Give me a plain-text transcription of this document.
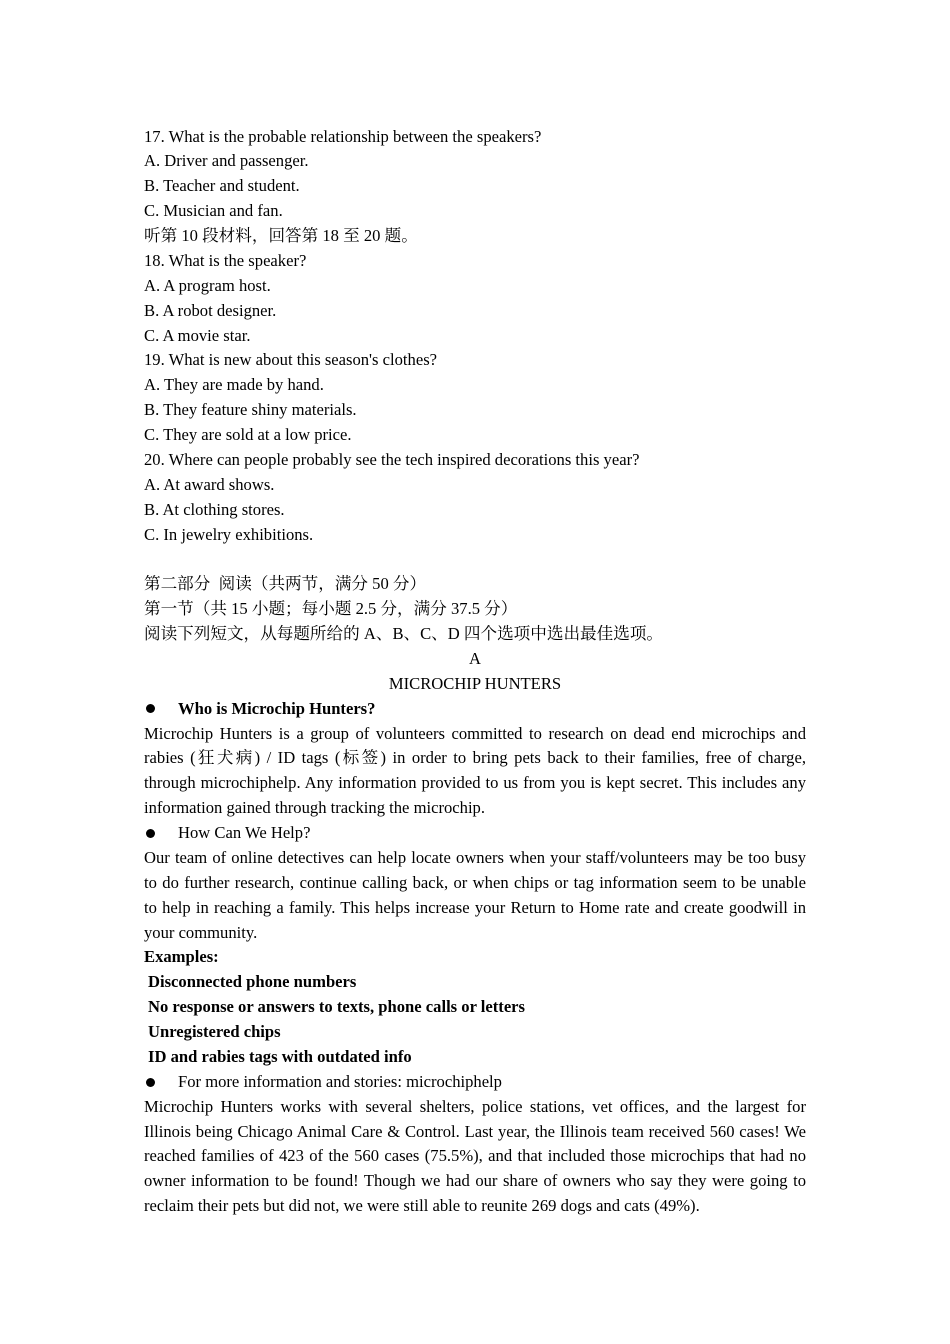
17. What is the probable relationship between the speakers?
A. Driver and passenger.
B. Teacher and student.
C. Musician and fan.
听第 10 段材料，回答第 18 至 20 题。
18. What is the speaker?
A. A program host.
B. A robot designer.
C. A movie star.
19. What is new about this season's clothes?
A. They are made by hand.
B. They feature shiny materials.
C. They are sold at a low price.
20. Where can people probably see the tech inspired decorations this year?
A. At award shows.
B. At clothing stores.
C. In jewelry exhibitions.
第二部分  阅读（共两节，满分 50 分）
第一节（共 15 小题；每小题 2.5 分，满分 37.5 分）
阅读下列短文，从每题所给的 A、B、C、D 四个选项中选出最佳选项。
A
MICROCHIP HUNTERS
Who is Microchip Hunters?
Microchip Hunters is a group of volunteers committed to research on dead end microchips and
rabies (狂犬病) / ID tags (标签) in order to bring pets back to their families, free of charge,
through microchiphelp. Any information provided to us from you is kept secret. This includes any
information gained through tracking the microchip.
How Can We Help?
Our team of online detectives can help locate owners when your staff/volunteers may be too busy
to do further research, continue calling back, or when chips or tag information seem to be unable
to help in reaching a family. This helps increase your Return to Home rate and create goodwill in
your community.
Examples:
Disconnected phone numbers
No response or answers to texts, phone calls or letters
Unregistered chips
ID and rabies tags with outdated info
For more information and stories: microchiphelp
Microchip Hunters works with several shelters, police stations, vet offices, and the largest for
Illinois being Chicago Animal Care & Control. Last year, the Illinois team received 560 cases! We
reached families of 423 of the 560 cases (75.5%), and that included those microchips that had no
owner information to be found! Though we had our share of owners who say they were going to
reclaim their pets but did not, we were still able to reunite 269 dogs and cats (49%).
